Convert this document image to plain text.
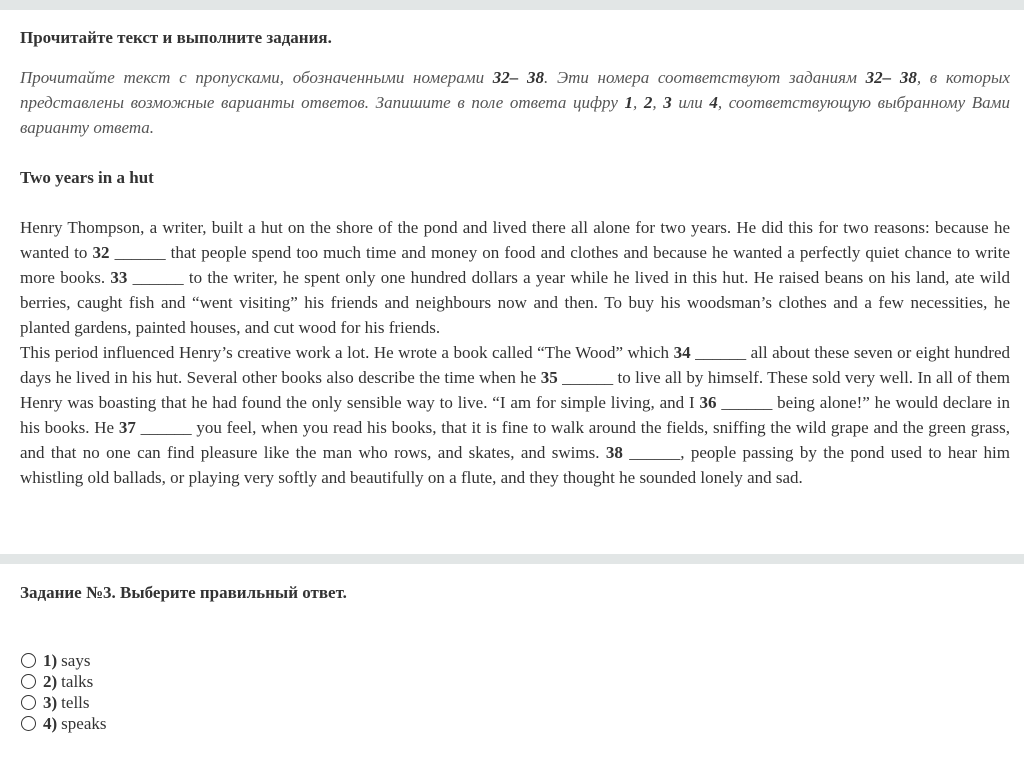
Прочитайте текст и выполните задания.
Прочитайте текст с пропусками, обозначенными номерами 32– 38. Эти номера соответствуют заданиям 32– 38, в которых представлены возможные варианты ответов. Запишите в поле ответа цифру 1, 2, 3 или 4, соответствующую выбранному Вами варианту ответа.
Two years in a hut
Henry Thompson, a writer, built a hut on the shore of the pond and lived there all alone for two years. He did this for two reasons: because he wanted to 32 ______ that people spend too much time and money on food and clothes and because he wanted a perfectly quiet chance to write more books. 33 ______ to the writer, he spent only one hundred dollars a year while he lived in this hut. He raised beans on his land, ate wild berries, caught fish and “went visiting” his friends and neighbours now and then. To buy his woodsman’s clothes and a few necessities, he planted gardens, painted houses, and cut wood for his friends.
This period influenced Henry’s creative work a lot. He wrote a book called “The Wood” which 34 ______ all about these seven or eight hundred days he lived in his hut. Several other books also describe the time when he 35 ______ to live all by himself. These sold very well. In all of them Henry was boasting that he had found the only sensible way to live. “I am for simple living, and I 36 ______ being alone!” he would declare in his books. He 37 ______ you feel, when you read his books, that it is fine to walk around the fields, sniffing the wild grape and the green grass, and that no one can find pleasure like the man who rows, and skates, and swims. 38 ______, people passing by the pond used to hear him whistling old ballads, or playing very softly and beautifully on a flute, and they thought he sounded lonely and sad.
Задание №3. Выберите правильный ответ.
1) says
2) talks
3) tells
4) speaks
